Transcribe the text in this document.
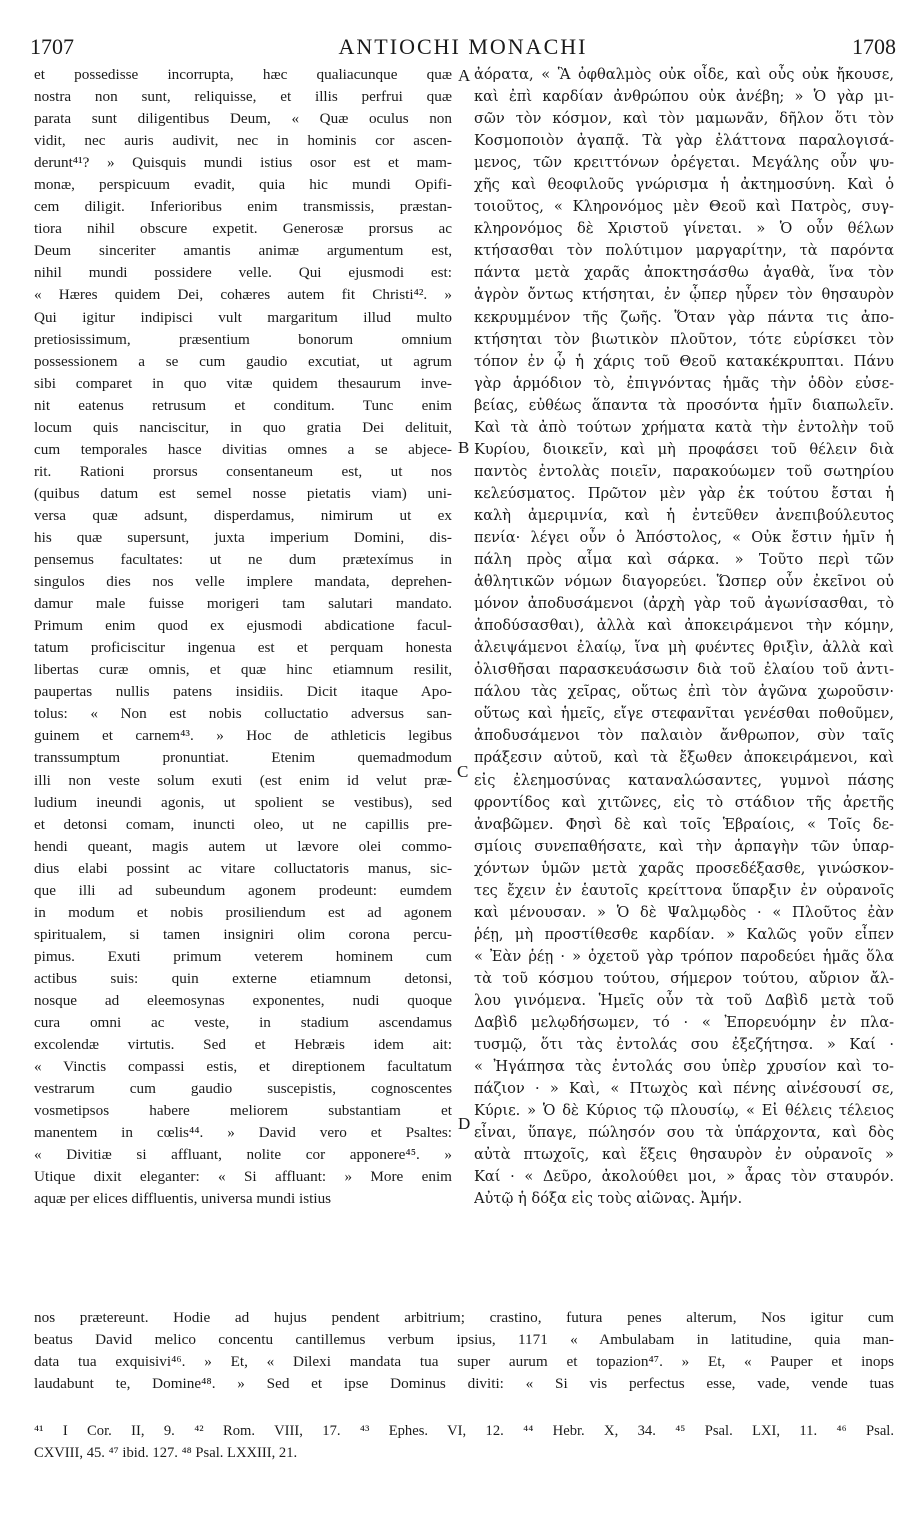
1707	ANTIOCHI MONACHI	1708
A
B
C
D
et possedisse incorrupta, hæc qualiacunque quæ
nostra non sunt, reliquisse, et illis perfrui quæ
parata sunt diligentibus Deum, « Quæ oculus non
vidit, nec auris audivit, nec in hominis cor ascen-
derunt⁴¹? » Quisquis mundi istius osor est et mam-
monæ, perspicuum evadit, quia hic mundi Opifi-
cem diligit. Inferioribus enim transmissis, præstan-
tiora nihil obscure expetit. Generosæ prorsus ac
Deum sinceriter amantis animæ argumentum est,
nihil mundi possidere velle. Qui ejusmodi est:
« Hæres quidem Dei, cohæres autem fit Christi⁴². »
Qui igitur indipisci vult margaritum illud multo
pretiosissimum, præsentium bonorum omnium
possessionem a se cum gaudio excutiat, ut agrum
sibi comparet in quo vitæ quidem thesaurum inve-
nit eatenus retrusum et conditum. Tunc enim
locum quis nanciscitur, in quo gratia Dei delituit,
cum temporales hasce divitias omnes a se abjece-
rit. Rationi prorsus consentaneum est, ut nos
(quibus datum est semel nosse pietatis viam) uni-
versa quæ adsunt, disperdamus, nimirum ut ex
his quæ supersunt, juxta imperium Domini, dis-
pensemus facultates: ut ne dum prætexímus in
singulos dies nos velle implere mandata, deprehen-
damur male fuisse morigeri tam salutari mandato.
Primum enim quod ex ejusmodi abdicatione facul-
tatum proficiscitur ingenua est et perquam honesta
libertas curæ omnis, et quæ hinc etiamnum resilit,
paupertas nullis patens insidiis. Dicit itaque Apo-
tolus: « Non est nobis colluctatio adversus san-
guinem et carnem⁴³. » Hoc de athleticis legibus
transsumptum pronuntiat. Etenim quemadmodum
illi non veste solum exuti (est enim id velut præ-
ludium ineundi agonis, ut spolient se vestibus), sed
et detonsi comam, inuncti oleo, ut ne capillis pre-
hendi queant, magis autem ut lævore olei commo-
dius elabi possint ac vitare colluctatoris manus, sic-
que illi ad subeundum agonem prodeunt: eumdem
in modum et nobis prosiliendum est ad agonem
spiritualem, si tamen insigniri olim corona percu-
pimus. Exuti primum veterem hominem cum
actibus suis: quin externe etiamnum detonsi,
nosque ad eleemosynas exponentes, nudi quoque
cura omni ac veste, in stadium ascendamus
excolendæ virtutis. Sed et Hebræis idem ait:
« Vinctis compassi estis, et direptionem facultatum
vestrarum cum gaudio suscepistis, cognoscentes
vosmetipsos habere meliorem substantiam et
manentem in cœlis⁴⁴. » David vero et Psaltes:
« Divitiæ si affluant, nolite cor apponere⁴⁵. »
Utique dixit eleganter: « Si affluant: » More enim
aquæ per elices diffluentis, universa mundi istius
ἀόρατα, « Ἃ ὀφθαλμὸς οὐκ οἶδε, καὶ οὖς οὐκ ἤκουσε,
καὶ ἐπὶ καρδίαν ἀνθρώπου οὐκ ἀνέβη; » Ὁ γὰρ μι-
σῶν τὸν κόσμον, καὶ τὸν μαμωνᾶν, δῆλον ὅτι τὸν
Κοσμοποιὸν ἀγαπᾷ. Τὰ γὰρ ἐλάττονα παραλογισά-
μενος, τῶν κρειττόνων ὀρέγεται. Μεγάλης οὖν ψυ-
χῆς καὶ θεοφιλοῦς γνώρισμα ἡ ἀκτημοσύνη. Καὶ ὁ
τοιοῦτος, « Κληρονόμος μὲν Θεοῦ καὶ Πατρὸς, συγ-
κληρονόμος δὲ Χριστοῦ γίνεται. » Ὁ οὖν θέλων
κτήσασθαι τὸν πολύτιμον μαργαρίτην, τὰ παρόντα
πάντα μετὰ χαρᾶς ἀποκτησάσθω ἀγαθὰ, ἵνα τὸν
ἀγρὸν ὄντως κτήσηται, ἐν ᾧπερ ηὗρεν τὸν θησαυρὸν
κεκρυμμένον τῆς ζωῆς. Ὅταν γὰρ πάντα τις ἀπο-
κτήσηται τὸν βιωτικὸν πλοῦτον, τότε εὑρίσκει τὸν
τόπον ἐν ᾧ ἡ χάρις τοῦ Θεοῦ κατακέκρυπται. Πάνυ
γὰρ ἁρμόδιον τὸ, ἐπιγνόντας ἡμᾶς τὴν ὁδὸν εὐσε-
βείας, εὐθέως ἅπαντα τὰ προσόντα ἡμῖν διαπωλεῖν.
Καὶ τὰ ἀπὸ τούτων χρήματα κατὰ τὴν ἐντολὴν τοῦ
Κυρίου, διοικεῖν, καὶ μὴ προφάσει τοῦ θέλειν διὰ
παντὸς ἐντολὰς ποιεῖν, παρακούωμεν τοῦ σωτηρίου
κελεύσματος. Πρῶτον μὲν γὰρ ἐκ τούτου ἔσται ἡ
καλὴ ἀμεριμνία, καὶ ἡ ἐντεῦθεν ἀνεπιβούλευτος
πενία· λέγει οὖν ὁ Ἀπόστολος, « Οὐκ ἔστιν ἡμῖν ἡ
πάλη πρὸς αἷμα καὶ σάρκα. » Τοῦτο περὶ τῶν
ἀθλητικῶν νόμων διαγορεύει. Ὥσπερ οὖν ἐκεῖνοι οὐ
μόνον ἀποδυσάμενοι (ἀρχὴ γὰρ τοῦ ἀγωνίσασθαι, τὸ
ἀποδύσασθαι), ἀλλὰ καὶ ἀποκειράμενοι τὴν κόμην,
ἀλειψάμενοι ἐλαίῳ, ἵνα μὴ φυέντες θριξὶν, ἀλλὰ καὶ
ὀλισθῆσαι παρασκευάσωσιν διὰ τοῦ ἐλαίου τοῦ ἀντι-
πάλου τὰς χεῖρας, οὕτως ἐπὶ τὸν ἀγῶνα χωροῦσιν·
οὕτως καὶ ἡμεῖς, εἴγε στεφανῖται γενέσθαι ποθοῦμεν,
ἀποδυσάμενοι τὸν παλαιὸν ἄνθρωπον, σὺν ταῖς
πράξεσιν αὐτοῦ, καὶ τὰ ἔξωθεν ἀποκειράμενοι, καὶ
εἰς ἐλεημοσύνας καταναλώσαντες, γυμνοὶ πάσης
φροντίδος καὶ χιτῶνες, εἰς τὸ στάδιον τῆς ἀρετῆς
ἀναβῶμεν. Φησὶ δὲ καὶ τοῖς Ἑβραίοις, « Τοῖς δε-
σμίοις συνεπαθήσατε, καὶ τὴν ἁρπαγὴν τῶν ὑπαρ-
χόντων ὑμῶν μετὰ χαρᾶς προσεδέξασθε, γινώσκον-
τες ἔχειν ἐν ἑαυτοῖς κρείττονα ὕπαρξιν ἐν οὐρανοῖς
καὶ μένουσαν. » Ὁ δὲ Ψαλμῳδὸς · « Πλοῦτος ἐὰν
ῥέῃ, μὴ προστίθεσθε καρδίαν. » Καλῶς γοῦν εἶπεν
« Ἐὰν ῥέῃ · » ὀχετοῦ γὰρ τρόπον παροδεύει ἡμᾶς ὅλα
τὰ τοῦ κόσμου τούτου, σήμερον τούτου, αὔριον ἄλ-
λου γινόμενα. Ἡμεῖς οὖν τὰ τοῦ Δαβὶδ μετὰ τοῦ
Δαβὶδ μελῳδήσωμεν, τό · « Ἐπορευόμην ἐν πλα-
τυσμῷ, ὅτι τὰς ἐντολάς σου ἐξεζήτησα. » Καί ·
« Ἠγάπησα τὰς ἐντολάς σου ὑπὲρ χρυσίον καὶ το-
πάζιον · » Καὶ, « Πτωχὸς καὶ πένης αἰνέσουσί σε,
Κύριε. » Ὁ δὲ Κύριος τῷ πλουσίῳ, « Εἰ θέλεις τέλειος
εἶναι, ὕπαγε, πώλησόν σου τὰ ὑπάρχοντα, καὶ δὸς
αὐτὰ πτωχοῖς, καὶ ἕξεις θησαυρὸν ἐν οὐρανοῖς »
Καί · « Δεῦρο, ἀκολούθει μοι, » ἆρας τὸν σταυρόν.
Αὐτῷ ἡ δόξα εἰς τοὺς αἰῶνας. Ἀμήν.
nos prætereunt. Hodie ad hujus pendent arbitrium; crastino, futura penes alterum, Nos igitur cum
beatus David melico concentu cantillemus verbum ipsius, 1171 « Ambulabam in latitudine, quia man-
data tua exquisivi⁴⁶. » Et, « Dilexi mandata tua super aurum et topazion⁴⁷. » Et, « Pauper et inops
laudabunt te, Domine⁴⁸. » Sed et ipse Dominus diviti: « Si vis perfectus esse, vade, vende tuas
⁴¹ I Cor. II, 9. ⁴² Rom. VIII, 17. ⁴³ Ephes. VI, 12. ⁴⁴ Hebr. X, 34. ⁴⁵ Psal. LXI, 11. ⁴⁶ Psal.
CXVIII, 45. ⁴⁷ ibid. 127. ⁴⁸ Psal. LXXIII, 21.
